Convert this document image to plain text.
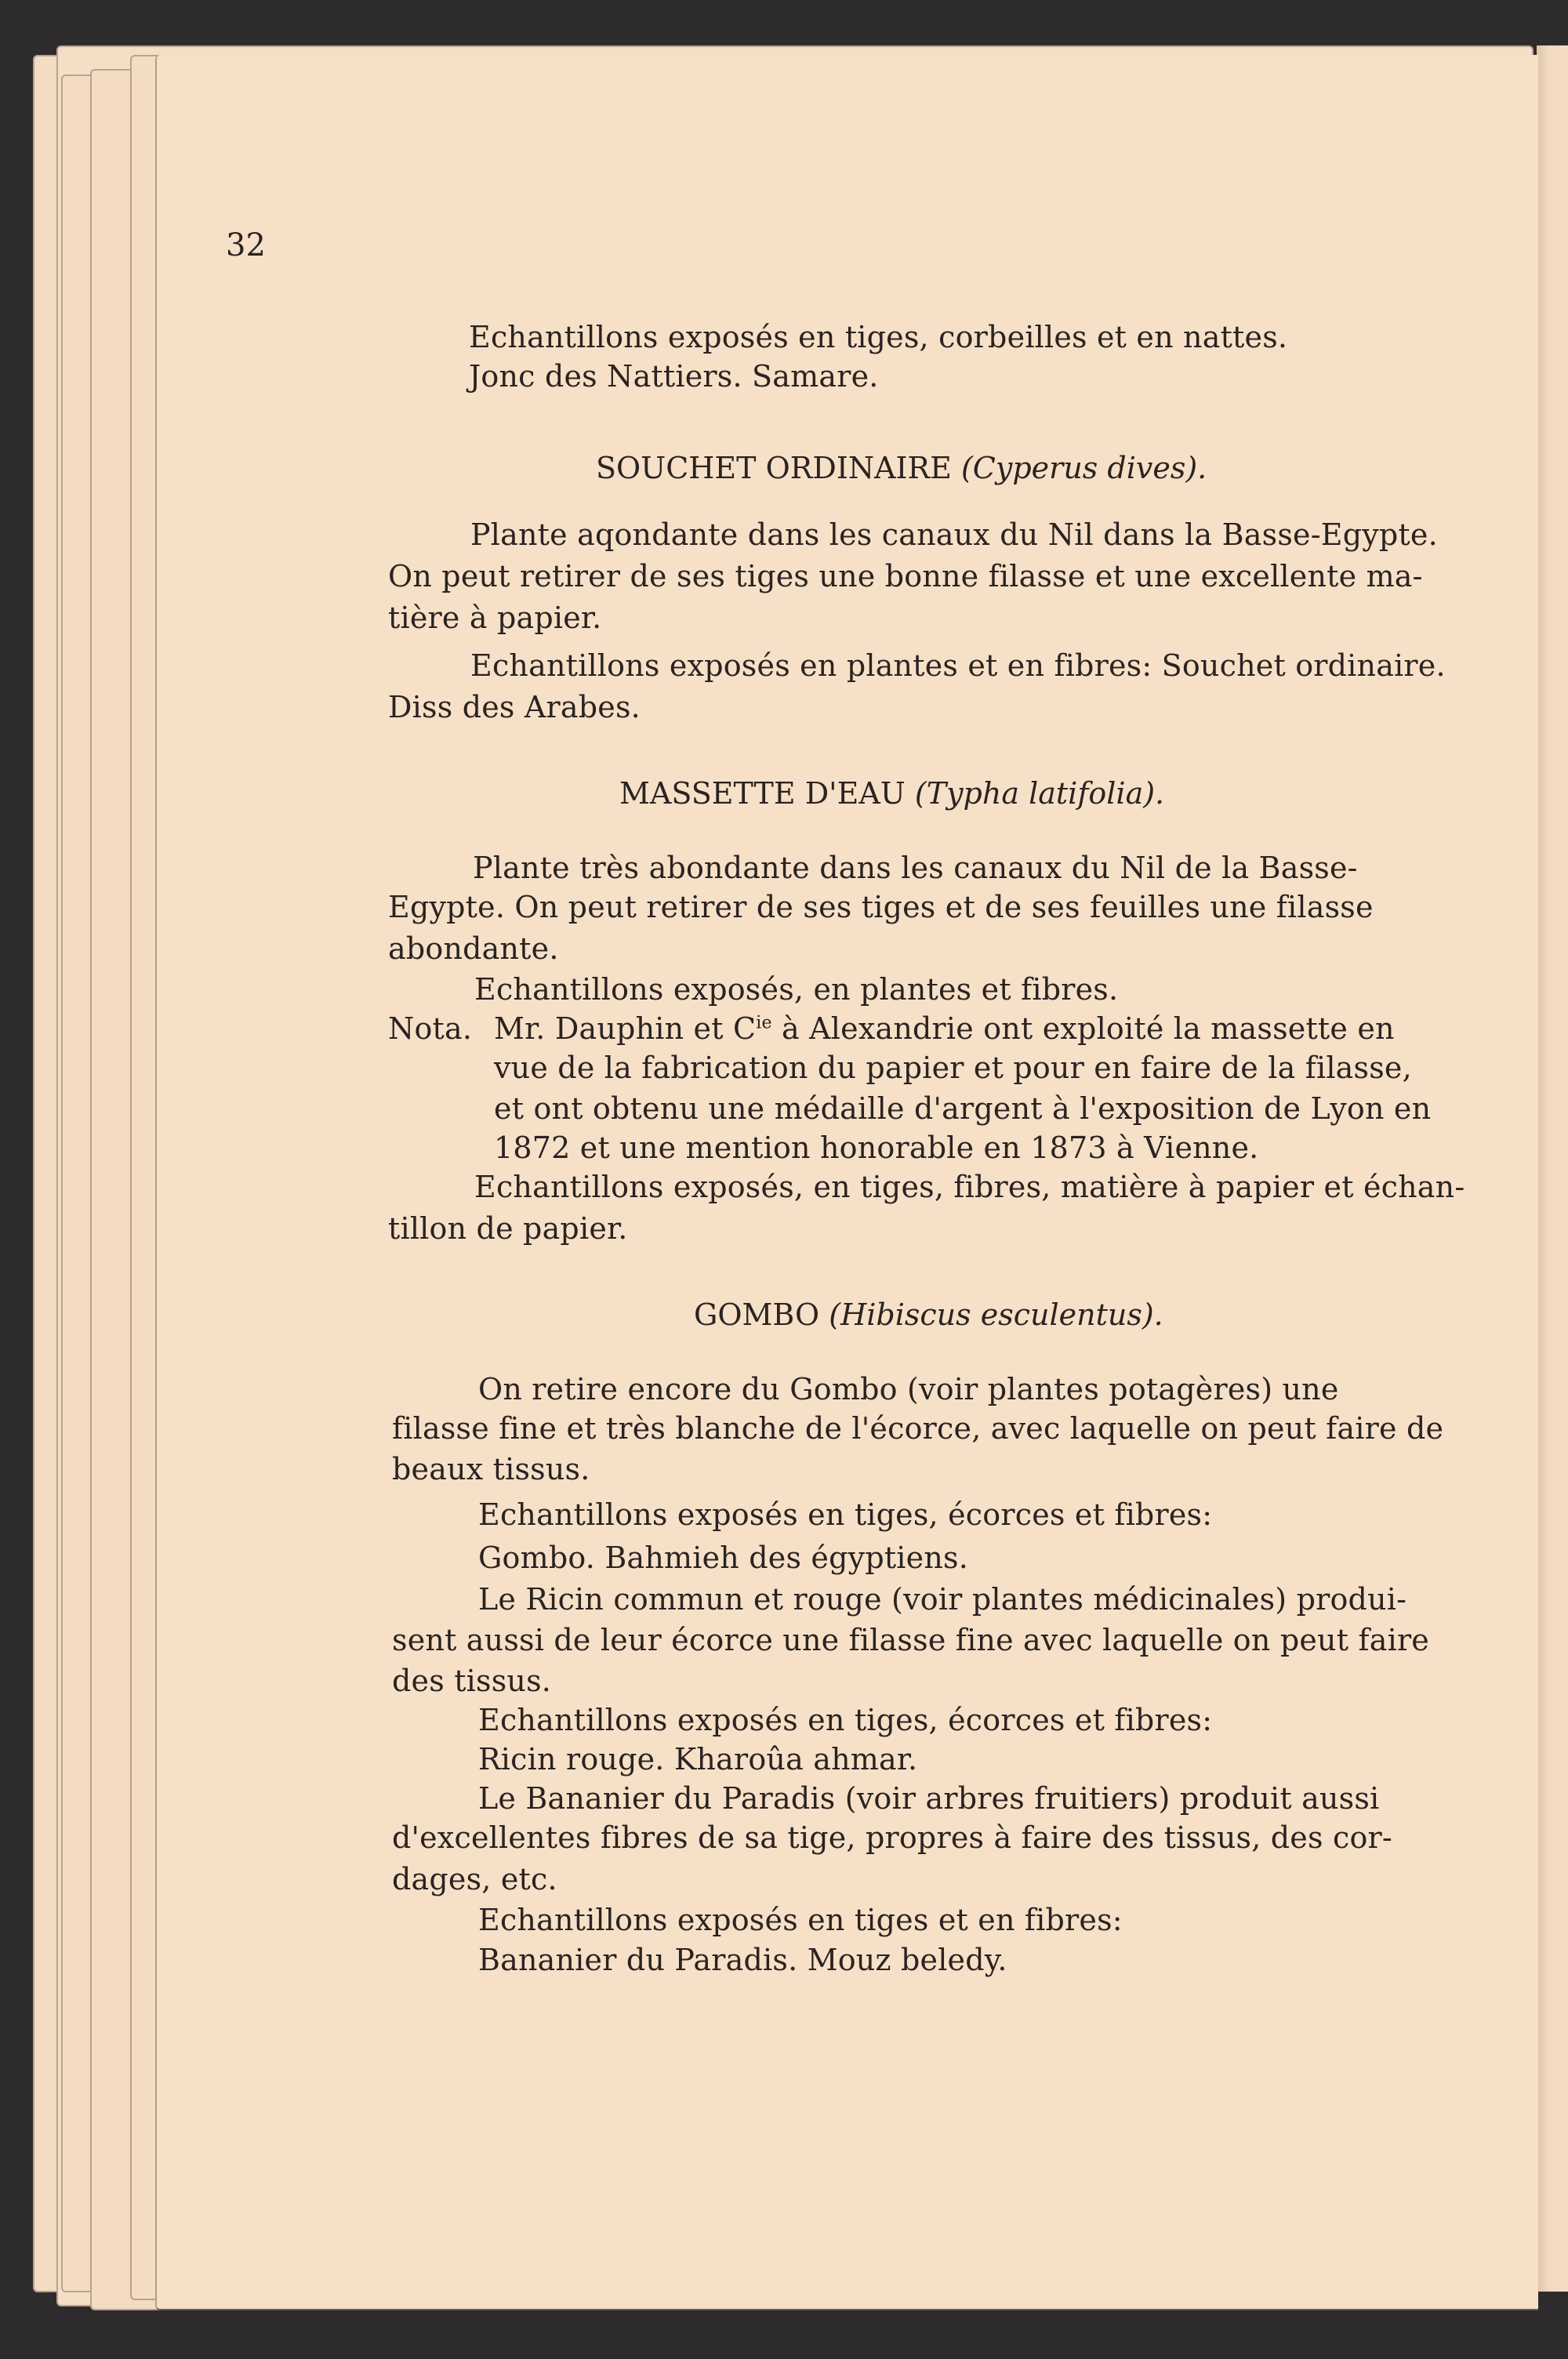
32
Echantillons exposés en tiges, corbeilles et en nattes.
Jonc des Nattiers. Samare.
SOUCHET ORDINAIRE (Cyperus dives).
Plante aqondante dans les canaux du Nil dans la Basse-Egypte.
On peut retirer de ses tiges une bonne filasse et une excellente ma-
tière à papier.
Echantillons exposés en plantes et en fibres: Souchet ordinaire.
Diss des Arabes.
MASSETTE D'EAU (Typha latifolia).
Plante très abondante dans les canaux du Nil de la Basse-
Egypte. On peut retirer de ses tiges et de ses feuilles une filasse
abondante.
Echantillons exposés, en plantes et fibres.
Nota. Mr. Dauphin et $C^{ie}$ à Alexandrie ont exploité la massette en
vue de la fabrication du papier et pour en faire de la filasse,
et ont obtenu une médaille d'argent à l'exposition de Lyon en
1872 et une mention honorable en 1873 à Vienne.
Echantillons exposés, en tiges, fibres, matière à papier et échan-
tillon de papier.
GOMBO (Hibiscus esculentus).
On retire encore du Gombo (voir plantes potagères) une
filasse fine et très blanche de l'écorce, avec laquelle on peut faire de
beaux tissus.
Echantillons exposés en tiges, écorces et fibres:
Gombo. Bahmieh des égyptiens.
Le Ricin commun et rouge (voir plantes médicinales) produi-
sent aussi de leur écorce une filasse fine avec laquelle on peut faire
des tissus.
Echantillons exposés en tiges, écorces et fibres:
Ricin rouge. Kharoûa ahmar.
Le Bananier du Paradis (voir arbres fruitiers) produit aussi
d'excellentes fibres de sa tige, propres à faire des tissus, des cor-
dages, etc.
Echantillons exposés en tiges et en fibres:
Bananier du Paradis. Mouz beledy.
